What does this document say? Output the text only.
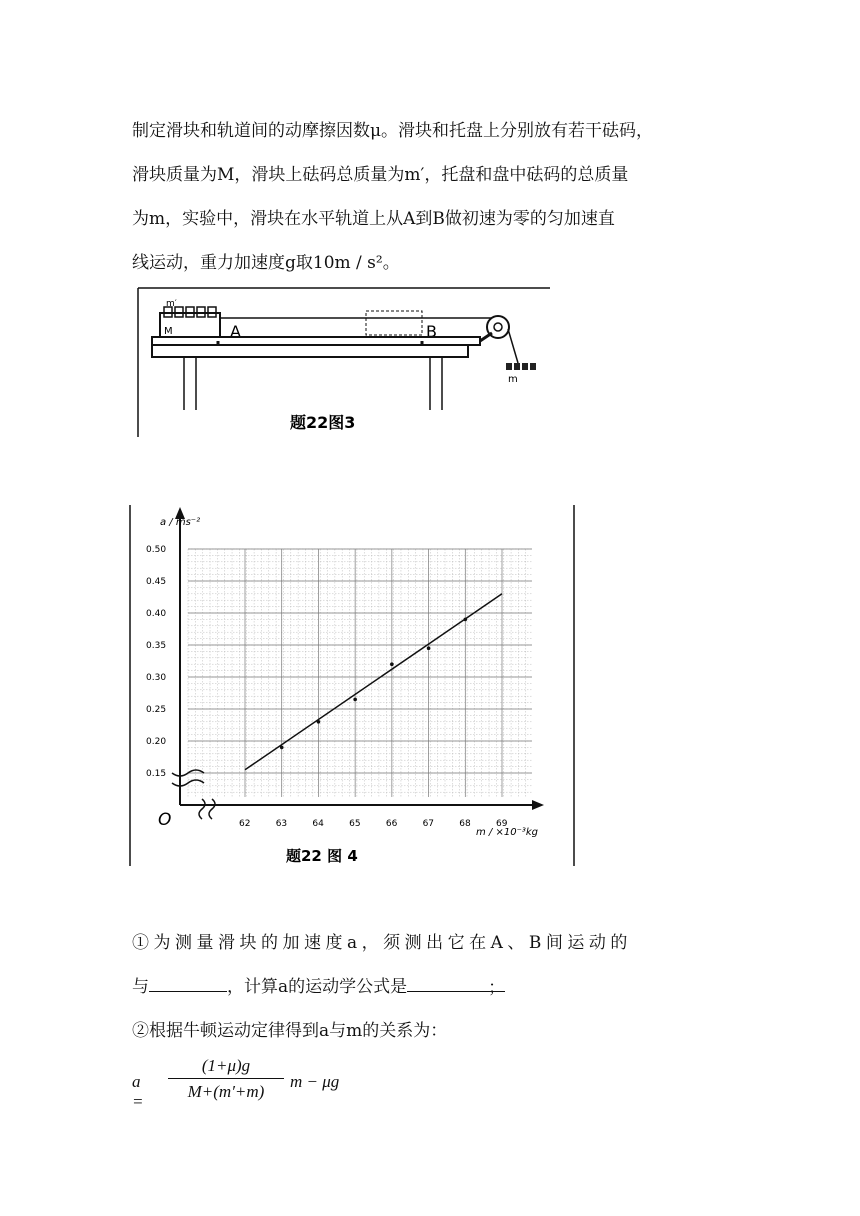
制定滑块和轨道间的动摩擦因数μ。滑块和托盘上分别放有若干砝码，
滑块质量为M，滑块上砝码总质量为m′，托盘和盘中砝码的总质量
为m，实验中，滑块在水平轨道上从A到B做初速为零的匀加速直
线运动，重力加速度g取10m / s²。
m′
M	A	B
m
题22图3
62	63	64	65	66	67	68	69
0.15
0.20
0.25
0.30
0.35
0.40
0.45
0.50
O
a / ms⁻²
m / ×10⁻³kg
题22 图 4
①为测量滑块的加速度a，须测出它在A、B间运动的
与	，计算a的运动学公式是	；
②根据牛顿运动定律得到a与m的关系为：
a =
(1+μ)g
M+(m′+m)
m − μg
